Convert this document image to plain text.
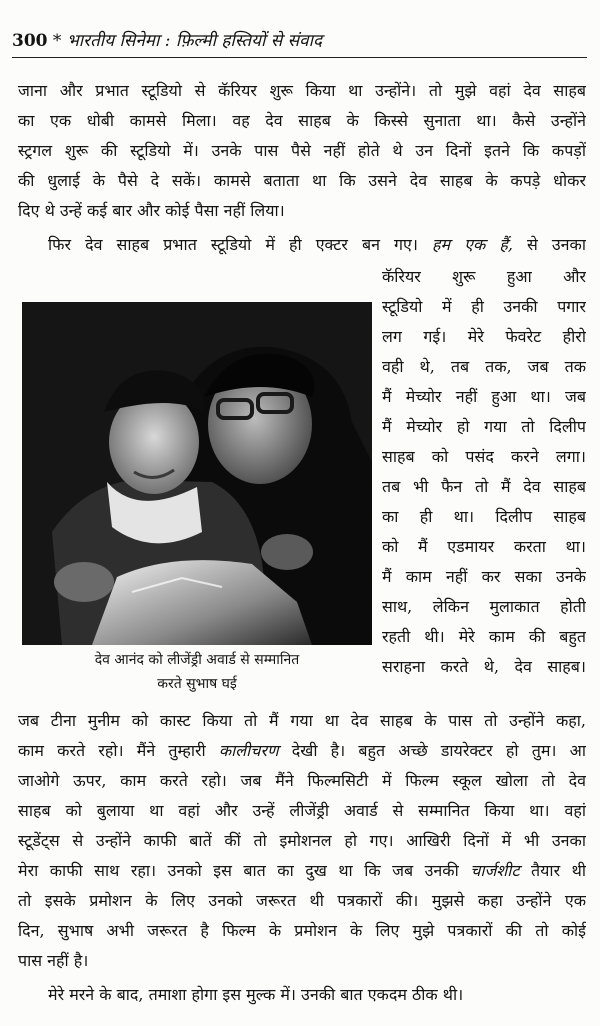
300 * भारतीय सिनेमा : फ़िल्मी हस्तियों से संवाद
जाना और प्रभात स्टूडियो से कॅरियर शुरू किया था उन्होंने। तो मुझे वहां देव साहब
का एक धोबी कामसे मिला। वह देव साहब के किस्से सुनाता था। कैसे उन्होंने
स्ट्रगल शुरू की स्टूडियो में। उनके पास पैसे नहीं होते थे उन दिनों इतने कि कपड़ों
की धुलाई के पैसे दे सकें। कामसे बताता था कि उसने देव साहब के कपड़े धोकर
दिए थे उन्हें कई बार और कोई पैसा नहीं लिया।
फिर देव साहब प्रभात स्टूडियो में ही एक्टर बन गए। हम एक हैं, से उनका
कॅरियर शुरू हुआ और
स्टूडियो में ही उनकी पगार
लग गई। मेरे फेवरेट हीरो
वही थे, तब तक, जब तक
मैं मेच्योर नहीं हुआ था। जब
मैं मेच्योर हो गया तो दिलीप
साहब को पसंद करने लगा।
तब भी फैन तो मैं देव साहब
का ही था। दिलीप साहब
को मैं एडमायर करता था।
मैं काम नहीं कर सका उनके
साथ, लेकिन मुलाकात होती
रहती थी। मेरे काम की बहुत
सराहना करते थे, देव साहब।
देव आनंद को लीजेंड्री अवार्ड से सम्मानित
करते सुभाष घई
जब टीना मुनीम को कास्ट किया तो मैं गया था देव साहब के पास तो उन्होंने कहा,
काम करते रहो। मैंने तुम्हारी कालीचरण देखी है। बहुत अच्छे डायरेक्टर हो तुम। आ
जाओगे ऊपर, काम करते रहो। जब मैंने फिल्मसिटी में फिल्म स्कूल खोला तो देव
साहब को बुलाया था वहां और उन्हें लीजेंड्री अवार्ड से सम्मानित किया था। वहां
स्टूडेंट्स से उन्होंने काफी बातें कीं तो इमोशनल हो गए। आखिरी दिनों में भी उनका
मेरा काफी साथ रहा। उनको इस बात का दुख था कि जब उनकी चार्जशीट तैयार थी
तो इसके प्रमोशन के लिए उनको जरूरत थी पत्रकारों की। मुझसे कहा उन्होंने एक
दिन, सुभाष अभी जरूरत है फिल्म के प्रमोशन के लिए मुझे पत्रकारों की तो कोई
पास नहीं है।
मेरे मरने के बाद, तमाशा होगा इस मुल्क में। उनकी बात एकदम ठीक थी।
